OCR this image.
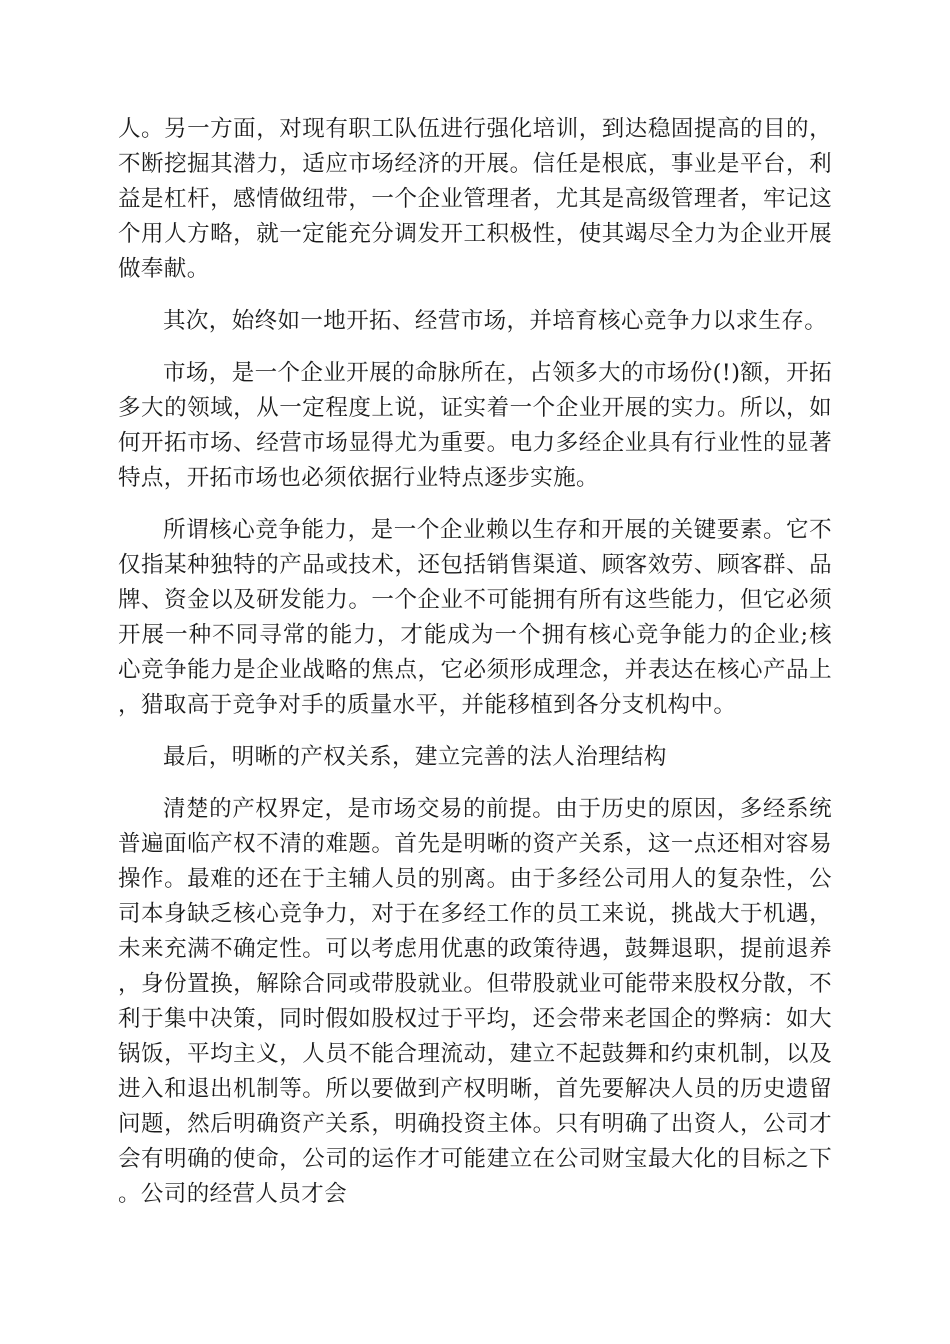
人。另一方面，对现有职工队伍进行强化培训，到达稳固提高的目的，不断挖掘其潜力，适应市场经济的开展。信任是根底，事业是平台，利益是杠杆，感情做纽带，一个企业管理者，尤其是高级管理者，牢记这个用人方略，就一定能充分调发开工积极性，使其竭尽全力为企业开展做奉献。

其次，始终如一地开拓、经营市场，并培育核心竞争力以求生存。

市场，是一个企业开展的命脉所在，占领多大的市场份(!)额，开拓多大的领域，从一定程度上说，证实着一个企业开展的实力。所以，如何开拓市场、经营市场显得尤为重要。电力多经企业具有行业性的显著特点，开拓市场也必须依据行业特点逐步实施。

所谓核心竞争能力，是一个企业赖以生存和开展的关键要素。它不仅指某种独特的产品或技术，还包括销售渠道、顾客效劳、顾客群、品牌、资金以及研发能力。一个企业不可能拥有所有这些能力，但它必须开展一种不同寻常的能力，才能成为一个拥有核心竞争能力的企业;核心竞争能力是企业战略的焦点，它必须形成理念，并表达在核心产品上，猎取高于竞争对手的质量水平，并能移植到各分支机构中。

最后，明晰的产权关系，建立完善的法人治理结构

清楚的产权界定，是市场交易的前提。由于历史的原因，多经系统普遍面临产权不清的难题。首先是明晰的资产关系，这一点还相对容易操作。最难的还在于主辅人员的别离。由于多经公司用人的复杂性，公司本身缺乏核心竞争力，对于在多经工作的员工来说，挑战大于机遇，未来充满不确定性。可以考虑用优惠的政策待遇，鼓舞退职，提前退养，身份置换，解除合同或带股就业。但带股就业可能带来股权分散，不利于集中决策，同时假如股权过于平均，还会带来老国企的弊病：如大锅饭，平均主义，人员不能合理流动，建立不起鼓舞和约束机制，以及进入和退出机制等。所以要做到产权明晰，首先要解决人员的历史遗留问题，然后明确资产关系，明确投资主体。只有明确了出资人，公司才会有明确的使命，公司的运作才可能建立在公司财宝最大化的目标之下。公司的经营人员才会
